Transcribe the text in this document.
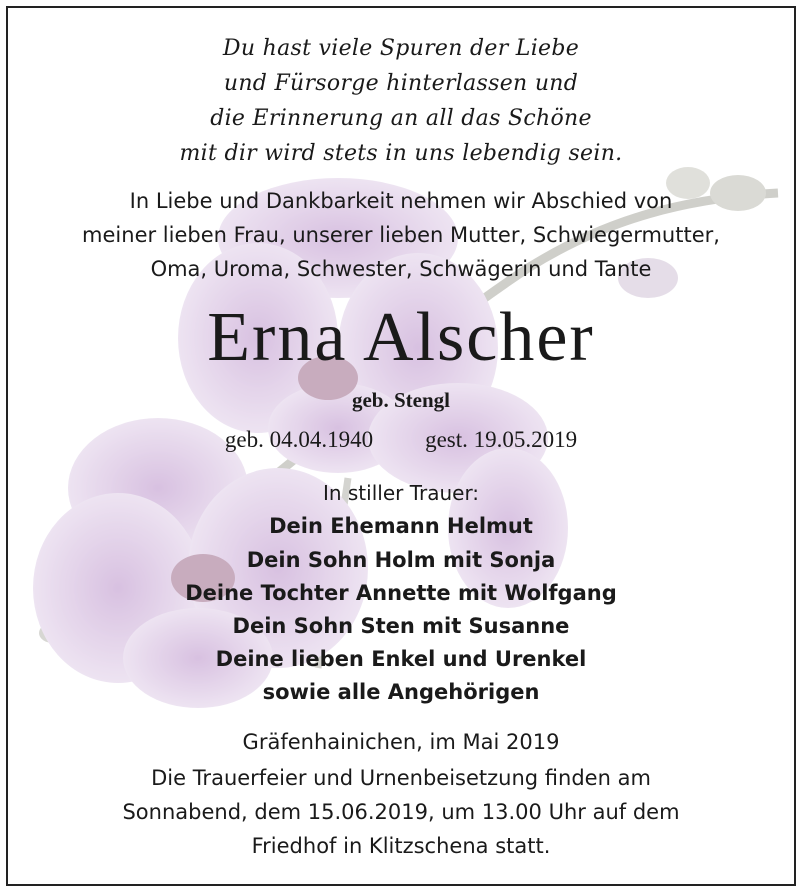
Du hast viele Spuren der Liebe
und Fürsorge hinterlassen und
die Erinnerung an all das Schöne
mit dir wird stets in uns lebendig sein.
In Liebe und Dankbarkeit nehmen wir Abschied von
meiner lieben Frau, unserer lieben Mutter, Schwiegermutter,
Oma, Uroma, Schwester, Schwägerin und Tante
Erna Alscher
geb. Stengl
geb. 04.04.1940 gest. 19.05.2019
In stiller Trauer:
Dein Ehemann Helmut
Dein Sohn Holm mit Sonja
Deine Tochter Annette mit Wolfgang
Dein Sohn Sten mit Susanne
Deine lieben Enkel und Urenkel
sowie alle Angehörigen
Gräfenhainichen, im Mai 2019
Die Trauerfeier und Urnenbeisetzung finden am
Sonnabend, dem 15.06.2019, um 13.00 Uhr auf dem
Friedhof in Klitzschena statt.
